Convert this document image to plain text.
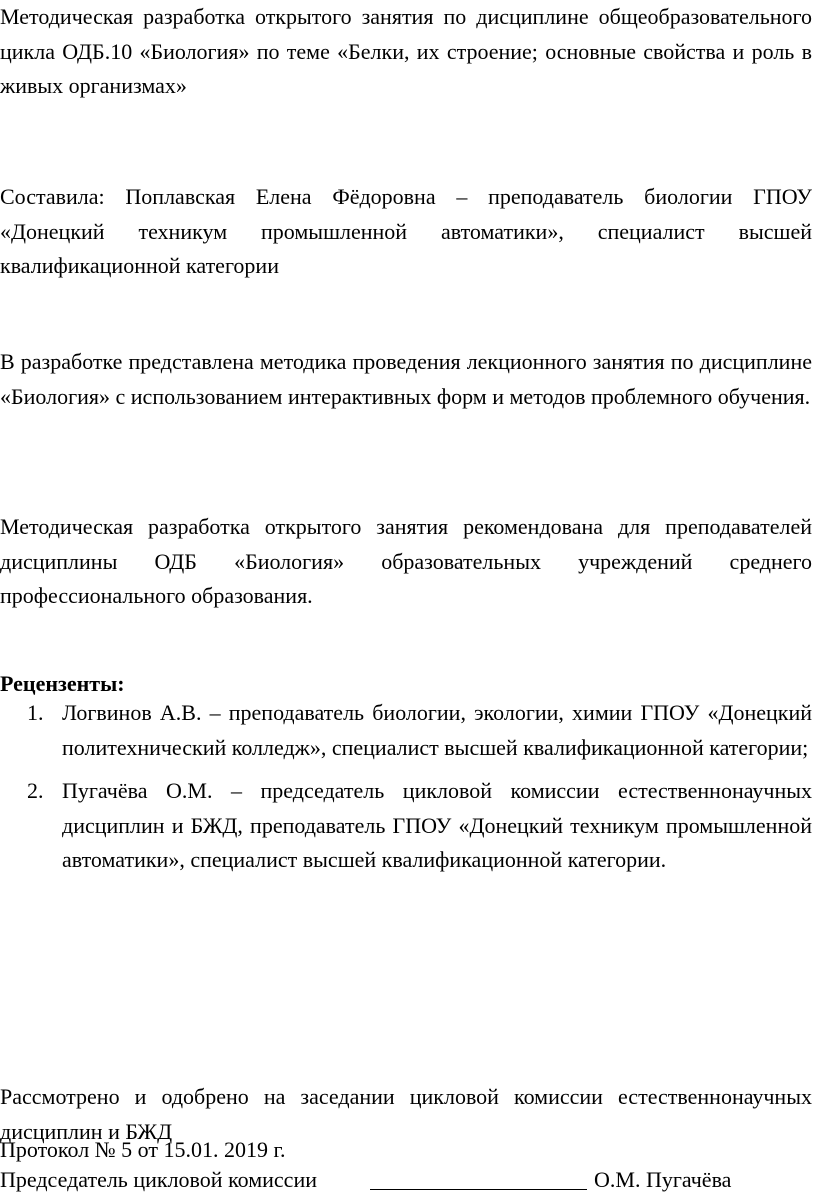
Методическая разработка открытого занятия по дисциплине общеобразовательного цикла ОДБ.10 «Биология» по теме «Белки, их строение; основные свойства и роль в живых организмах»

Составила: Поплавская Елена Фёдоровна – преподаватель биологии ГПОУ «Донецкий техникум промышленной автоматики», специалист высшей квалификационной категории

В разработке представлена методика проведения лекционного занятия по дисциплине «Биология» с использованием интерактивных форм и методов проблемного обучения.

Методическая разработка открытого занятия рекомендована для преподавателей дисциплины ОДБ «Биология» образовательных учреждений среднего профессионального образования.

Рецензенты:

1. Логвинов А.В. – преподаватель биологии, экологии, химии ГПОУ «Донецкий политехнический колледж», специалист высшей квалификационной категории;
2. Пугачёва О.М. – председатель цикловой комиссии естественнонаучных дисциплин и БЖД, преподаватель ГПОУ «Донецкий техникум промышленной автоматики», специалист высшей квалификационной категории.

Рассмотрено и одобрено на заседании цикловой комиссии естественнонаучных дисциплин и БЖД

Протокол № 5 от 15.01. 2019 г.

Председатель цикловой комиссии	О.М. Пугачёва
